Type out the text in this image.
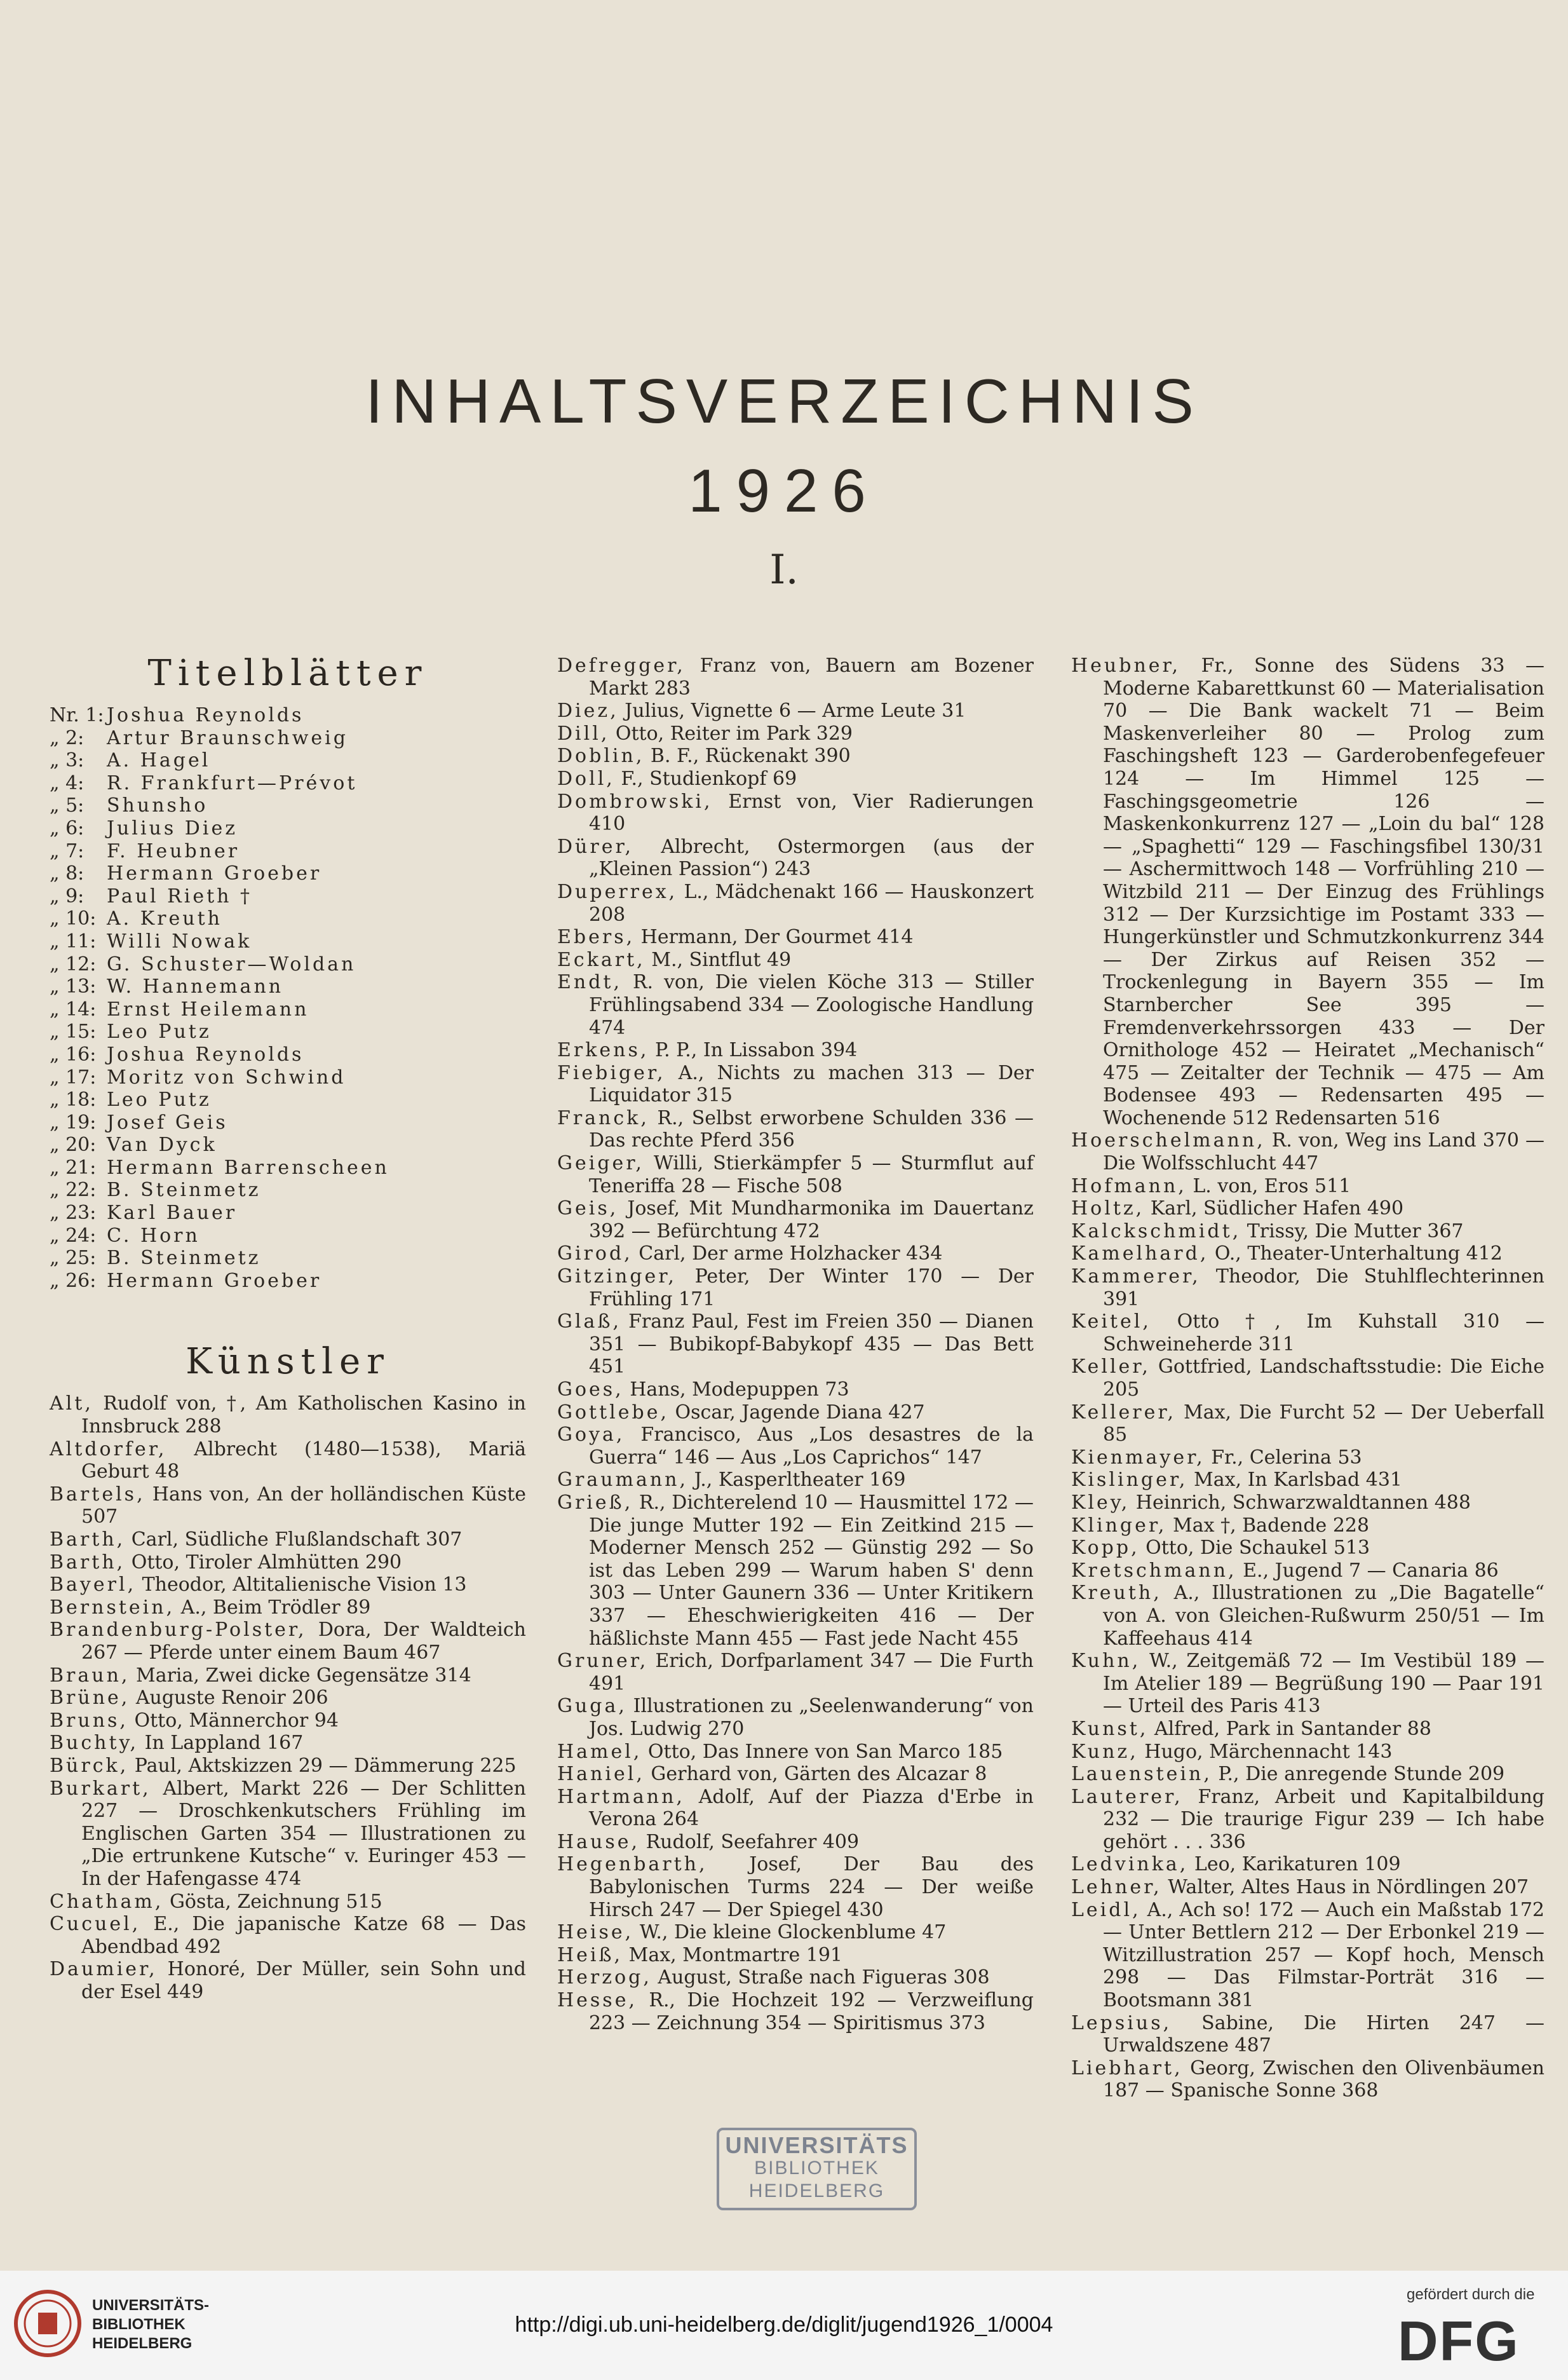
INHALTSVERZEICHNIS
1926
I.
Titelblätter
Nr. 1: Joshua Reynolds
„ 2: Artur Braunschweig
„ 3: A. Hagel
„ 4: R. Frankfurt—Prévot
„ 5: Shunsho
„ 6: Julius Diez
„ 7: F. Heubner
„ 8: Hermann Groeber
„ 9: Paul Rieth †
„ 10: A. Kreuth
„ 11: Willi Nowak
„ 12: G. Schuster—Woldan
„ 13: W. Hannemann
„ 14: Ernst Heilemann
„ 15: Leo Putz
„ 16: Joshua Reynolds
„ 17: Moritz von Schwind
„ 18: Leo Putz
„ 19: Josef Geis
„ 20: Van Dyck
„ 21: Hermann Barrenscheen
„ 22: B. Steinmetz
„ 23: Karl Bauer
„ 24: C. Horn
„ 25: B. Steinmetz
„ 26: Hermann Groeber
Künstler
Alt, Rudolf von, †, Am Katholischen Kasino in Innsbruck 288
Altdorfer, Albrecht (1480—1538), Mariä Geburt 48
Bartels, Hans von, An der holländischen Küste 507
Barth, Carl, Südliche Flußlandschaft 307
Barth, Otto, Tiroler Almhütten 290
Bayerl, Theodor, Altitalienische Vision 13
Bernstein, A., Beim Trödler 89
Brandenburg-Polster, Dora, Der Waldteich 267 — Pferde unter einem Baum 467
Braun, Maria, Zwei dicke Gegensätze 314
Brüne, Auguste Renoir 206
Bruns, Otto, Männerchor 94
Buchty, In Lappland 167
Bürck, Paul, Aktskizzen 29 — Dämmerung 225
Burkart, Albert, Markt 226 — Der Schlitten 227 — Droschkenkutschers Frühling im Englischen Garten 354 — Illustrationen zu „Die ertrunkene Kutsche“ v. Euringer 453 — In der Hafengasse 474
Chatham, Gösta, Zeichnung 515
Cucuel, E., Die japanische Katze 68 — Das Abendbad 492
Daumier, Honoré, Der Müller, sein Sohn und der Esel 449
Defregger, Franz von, Bauern am Bozener Markt 283
Diez, Julius, Vignette 6 — Arme Leute 31
Dill, Otto, Reiter im Park 329
Doblin, B. F., Rückenakt 390
Doll, F., Studienkopf 69
Dombrowski, Ernst von, Vier Radierungen 410
Dürer, Albrecht, Ostermorgen (aus der „Kleinen Passion“) 243
Duperrex, L., Mädchenakt 166 — Hauskonzert 208
Ebers, Hermann, Der Gourmet 414
Eckart, M., Sintflut 49
Endt, R. von, Die vielen Köche 313 — Stiller Frühlingsabend 334 — Zoologische Handlung 474
Erkens, P. P., In Lissabon 394
Fiebiger, A., Nichts zu machen 313 — Der Liquidator 315
Franck, R., Selbst erworbene Schulden 336 — Das rechte Pferd 356
Geiger, Willi, Stierkämpfer 5 — Sturmflut auf Teneriffa 28 — Fische 508
Geis, Josef, Mit Mundharmonika im Dauertanz 392 — Befürchtung 472
Girod, Carl, Der arme Holzhacker 434
Gitzinger, Peter, Der Winter 170 — Der Frühling 171
Glaß, Franz Paul, Fest im Freien 350 — Dianen 351 — Bubikopf-Babykopf 435 — Das Bett 451
Goes, Hans, Modepuppen 73
Gottlebe, Oscar, Jagende Diana 427
Goya, Francisco, Aus „Los desastres de la Guerra“ 146 — Aus „Los Caprichos“ 147
Graumann, J., Kasperltheater 169
Grieß, R., Dichterelend 10 — Hausmittel 172 — Die junge Mutter 192 — Ein Zeitkind 215 — Moderner Mensch 252 — Günstig 292 — So ist das Leben 299 — Warum haben S' denn 303 — Unter Gaunern 336 — Unter Kritikern 337 — Eheschwierigkeiten 416 — Der häßlichste Mann 455 — Fast jede Nacht 455
Gruner, Erich, Dorfparlament 347 — Die Furth 491
Guga, Illustrationen zu „Seelenwanderung“ von Jos. Ludwig 270
Hamel, Otto, Das Innere von San Marco 185
Haniel, Gerhard von, Gärten des Alcazar 8
Hartmann, Adolf, Auf der Piazza d'Erbe in Verona 264
Hause, Rudolf, Seefahrer 409
Hegenbarth, Josef, Der Bau des Babylonischen Turms 224 — Der weiße Hirsch 247 — Der Spiegel 430
Heise, W., Die kleine Glockenblume 47
Heiß, Max, Montmartre 191
Herzog, August, Straße nach Figueras 308
Hesse, R., Die Hochzeit 192 — Verzweiflung 223 — Zeichnung 354 — Spiritismus 373
Heubner, Fr., Sonne des Südens 33 — Moderne Kabarettkunst 60 — Materialisation 70 — Die Bank wackelt 71 — Beim Maskenverleiher 80 — Prolog zum Faschingsheft 123 — Garderobenfegefeuer 124 — Im Himmel 125 — Faschingsgeometrie 126 — Maskenkonkurrenz 127 — „Loin du bal“ 128 — „Spaghetti“ 129 — Faschingsfibel 130/31 — Aschermittwoch 148 — Vorfrühling 210 — Witzbild 211 — Der Einzug des Frühlings 312 — Der Kurzsichtige im Postamt 333 — Hungerkünstler und Schmutzkonkurrenz 344 — Der Zirkus auf Reisen 352 — Trockenlegung in Bayern 355 — Im Starnbercher See 395 — Fremdenverkehrssorgen 433 — Der Ornithologe 452 — Heiratet „Mechanisch“ 475 — Zeitalter der Technik — 475 — Am Bodensee 493 — Redensarten 495 — Wochenende 512 Redensarten 516
Hoerschelmann, R. von, Weg ins Land 370 — Die Wolfsschlucht 447
Hofmann, L. von, Eros 511
Holtz, Karl, Südlicher Hafen 490
Kalckschmidt, Trissy, Die Mutter 367
Kamelhard, O., Theater-Unterhaltung 412
Kammerer, Theodor, Die Stuhlflechterinnen 391
Keitel, Otto †, Im Kuhstall 310 — Schweineherde 311
Keller, Gottfried, Landschaftsstudie: Die Eiche 205
Kellerer, Max, Die Furcht 52 — Der Ueberfall 85
Kienmayer, Fr., Celerina 53
Kislinger, Max, In Karlsbad 431
Kley, Heinrich, Schwarzwaldtannen 488
Klinger, Max †, Badende 228
Kopp, Otto, Die Schaukel 513
Kretschmann, E., Jugend 7 — Canaria 86
Kreuth, A., Illustrationen zu „Die Bagatelle“ von A. von Gleichen-Rußwurm 250/51 — Im Kaffeehaus 414
Kuhn, W., Zeitgemäß 72 — Im Vestibül 189 — Im Atelier 189 — Begrüßung 190 — Paar 191 — Urteil des Paris 413
Kunst, Alfred, Park in Santander 88
Kunz, Hugo, Märchennacht 143
Lauenstein, P., Die anregende Stunde 209
Lauterer, Franz, Arbeit und Kapitalbildung 232 — Die traurige Figur 239 — Ich habe gehört . . . 336
Ledvinka, Leo, Karikaturen 109
Lehner, Walter, Altes Haus in Nördlingen 207
Leidl, A., Ach so! 172 — Auch ein Maßstab 172 — Unter Bettlern 212 — Der Erbonkel 219 — Witzillustration 257 — Kopf hoch, Mensch 298 — Das Filmstar-Porträt 316 — Bootsmann 381
Lepsius, Sabine, Die Hirten 247 — Urwaldszene 487
Liebhart, Georg, Zwischen den Olivenbäumen 187 — Spanische Sonne 368
UNIVERSITÄTS
BIBLIOTHEK
HEIDELBERG
UNIVERSITÄTS-
BIBLIOTHEK
HEIDELBERG
http://digi.ub.uni-heidelberg.de/diglit/jugend1926_1/0004
gefördert durch die
DFG
